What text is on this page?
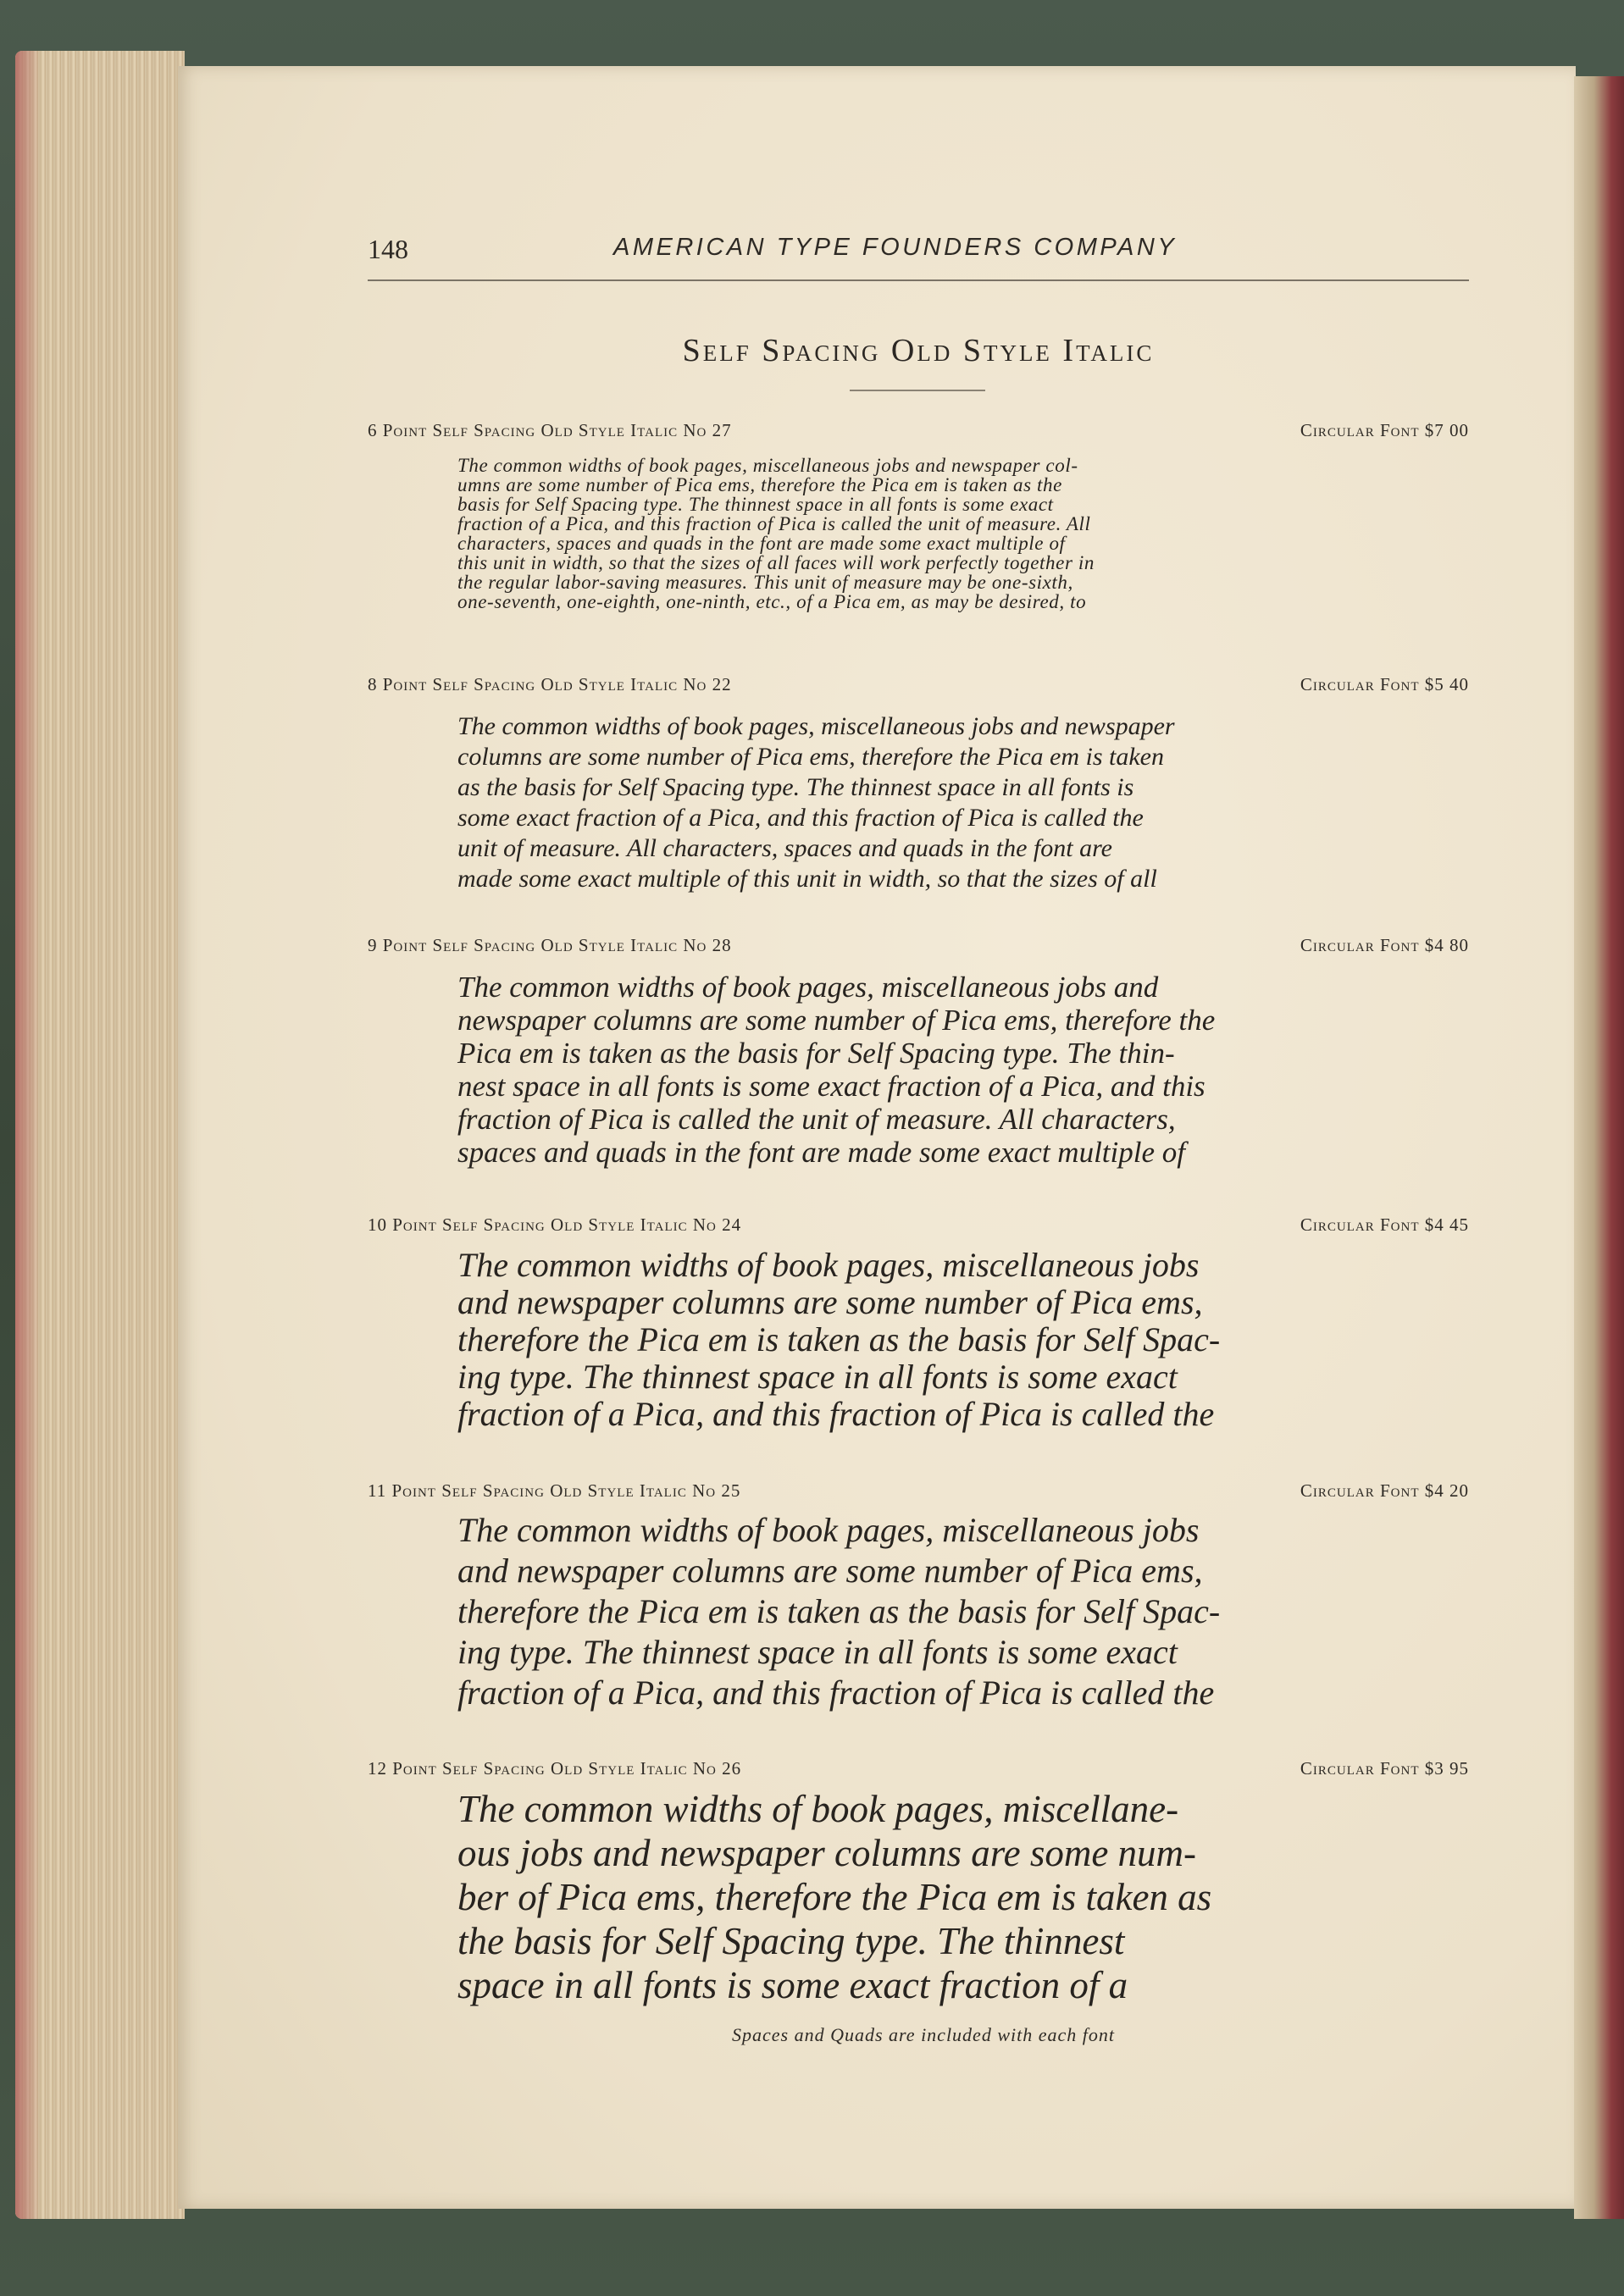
148	AMERICAN TYPE FOUNDERS COMPANY
Self Spacing Old Style Italic
6 Point Self Spacing Old Style Italic No 27	Circular Font $7 00
The common widths of book pages, miscellaneous jobs and newspaper col-
umns are some number of Pica ems, therefore the Pica em is taken as the
basis for Self Spacing type. The thinnest space in all fonts is some exact
fraction of a Pica, and this fraction of Pica is called the unit of measure. All
characters, spaces and quads in the font are made some exact multiple of
this unit in width, so that the sizes of all faces will work perfectly together in
the regular labor-saving measures. This unit of measure may be one-sixth,
one-seventh, one-eighth, one-ninth, etc., of a Pica em, as may be desired, to
8 Point Self Spacing Old Style Italic No 22	Circular Font $5 40
The common widths of book pages, miscellaneous jobs and newspaper
columns are some number of Pica ems, therefore the Pica em is taken
as the basis for Self Spacing type. The thinnest space in all fonts is
some exact fraction of a Pica, and this fraction of Pica is called the
unit of measure. All characters, spaces and quads in the font are
made some exact multiple of this unit in width, so that the sizes of all
9 Point Self Spacing Old Style Italic No 28	Circular Font $4 80
The common widths of book pages, miscellaneous jobs and
newspaper columns are some number of Pica ems, therefore the
Pica em is taken as the basis for Self Spacing type. The thin-
nest space in all fonts is some exact fraction of a Pica, and this
fraction of Pica is called the unit of measure. All characters,
spaces and quads in the font are made some exact multiple of
10 Point Self Spacing Old Style Italic No 24	Circular Font $4 45
The common widths of book pages, miscellaneous jobs
and newspaper columns are some number of Pica ems,
therefore the Pica em is taken as the basis for Self Spac-
ing type. The thinnest space in all fonts is some exact
fraction of a Pica, and this fraction of Pica is called the
11 Point Self Spacing Old Style Italic No 25	Circular Font $4 20
The common widths of book pages, miscellaneous jobs
and newspaper columns are some number of Pica ems,
therefore the Pica em is taken as the basis for Self Spac-
ing type. The thinnest space in all fonts is some exact
fraction of a Pica, and this fraction of Pica is called the
12 Point Self Spacing Old Style Italic No 26	Circular Font $3 95
The common widths of book pages, miscellane-
ous jobs and newspaper columns are some num-
ber of Pica ems, therefore the Pica em is taken as
the basis for Self Spacing type. The thinnest
space in all fonts is some exact fraction of a
Spaces and Quads are included with each font
